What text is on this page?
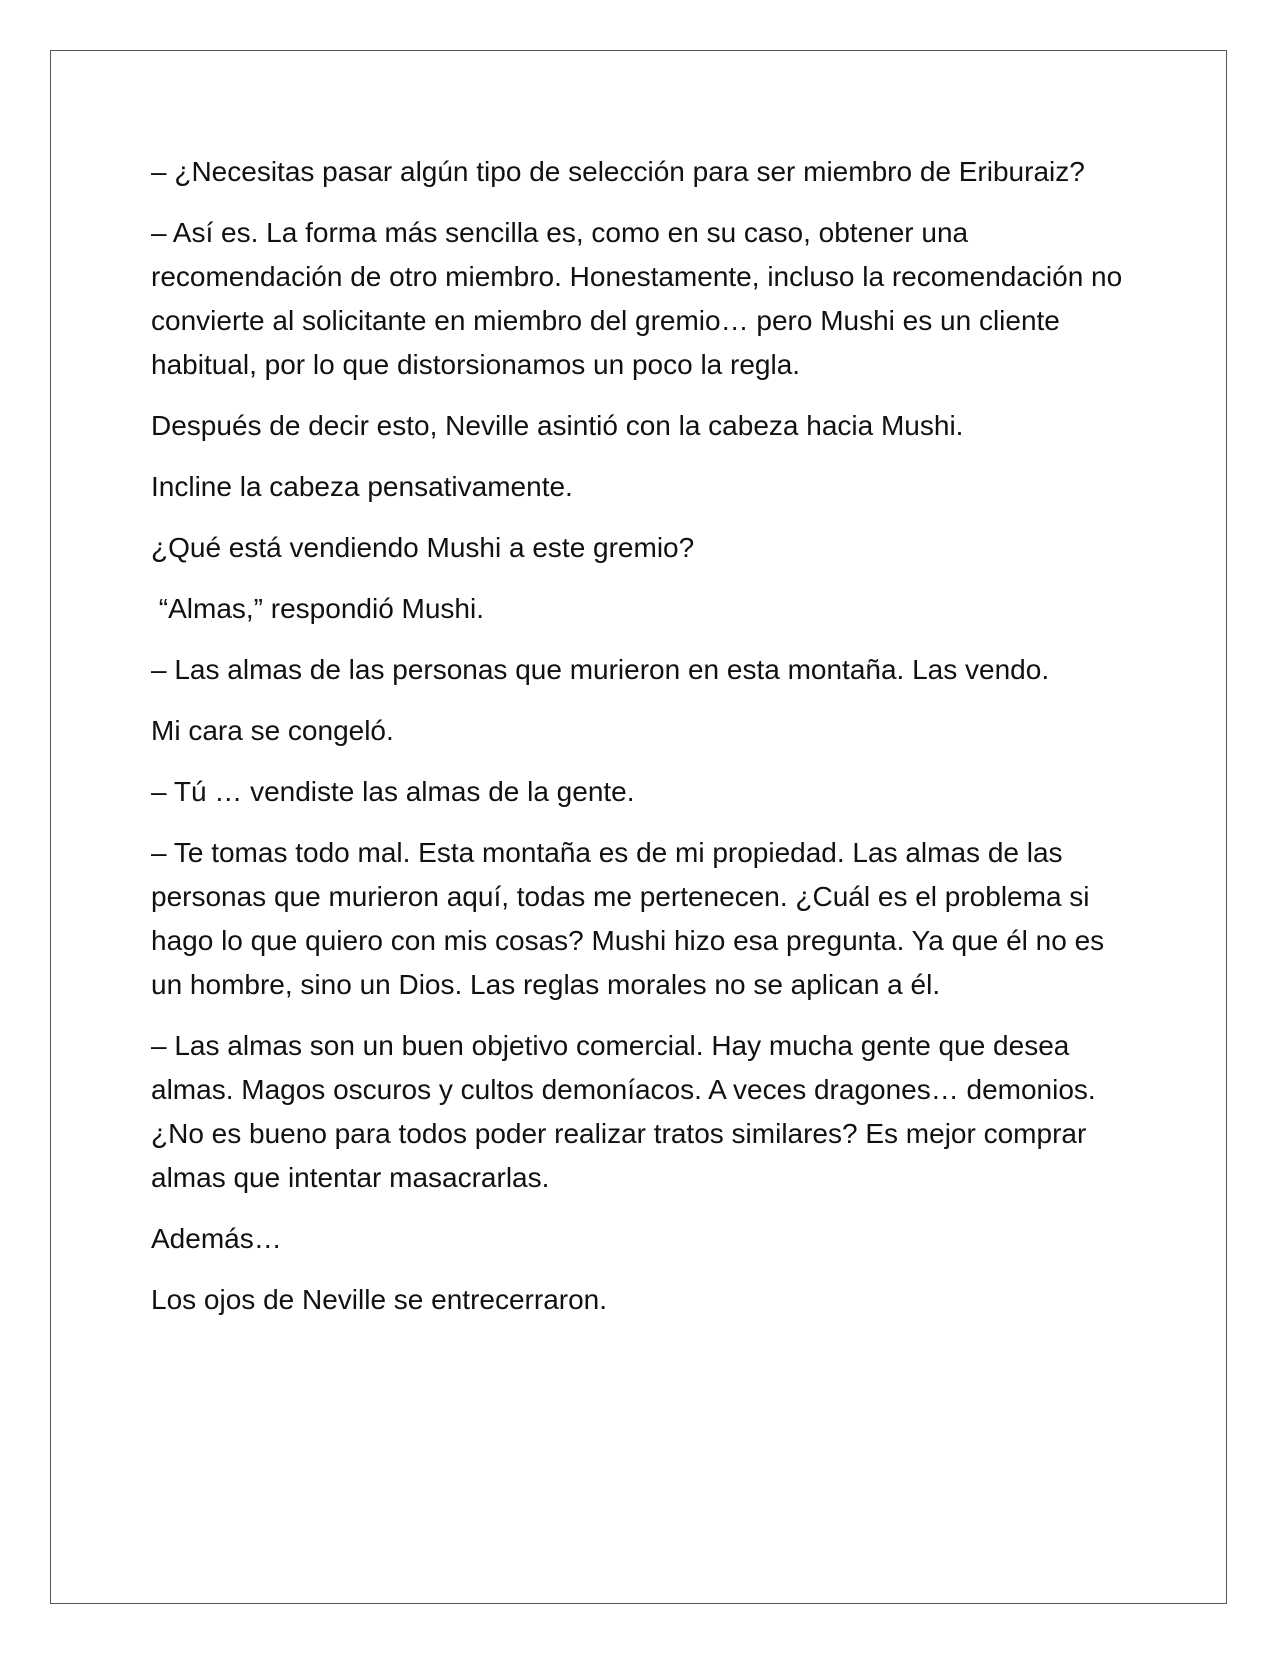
– ¿Necesitas pasar algún tipo de selección para ser miembro de Eriburaiz?

– Así es. La forma más sencilla es, como en su caso, obtener una recomendación de otro miembro. Honestamente, incluso la recomendación no convierte al solicitante en miembro del gremio… pero Mushi es un cliente habitual, por lo que distorsionamos un poco la regla.

Después de decir esto, Neville asintió con la cabeza hacia Mushi.

Incline la cabeza pensativamente.

¿Qué está vendiendo Mushi a este gremio?

“Almas,” respondió Mushi.

– Las almas de las personas que murieron en esta montaña. Las vendo.

Mi cara se congeló.

– Tú … vendiste las almas de la gente.

– Te tomas todo mal. Esta montaña es de mi propiedad. Las almas de las personas que murieron aquí, todas me pertenecen. ¿Cuál es el problema si hago lo que quiero con mis cosas? Mushi hizo esa pregunta. Ya que él no es un hombre, sino un Dios. Las reglas morales no se aplican a él.

– Las almas son un buen objetivo comercial. Hay mucha gente que desea almas. Magos oscuros y cultos demoníacos. A veces dragones… demonios. ¿No es bueno para todos poder realizar tratos similares? Es mejor comprar almas que intentar masacrarlas.

Además…

Los ojos de Neville se entrecerraron.
